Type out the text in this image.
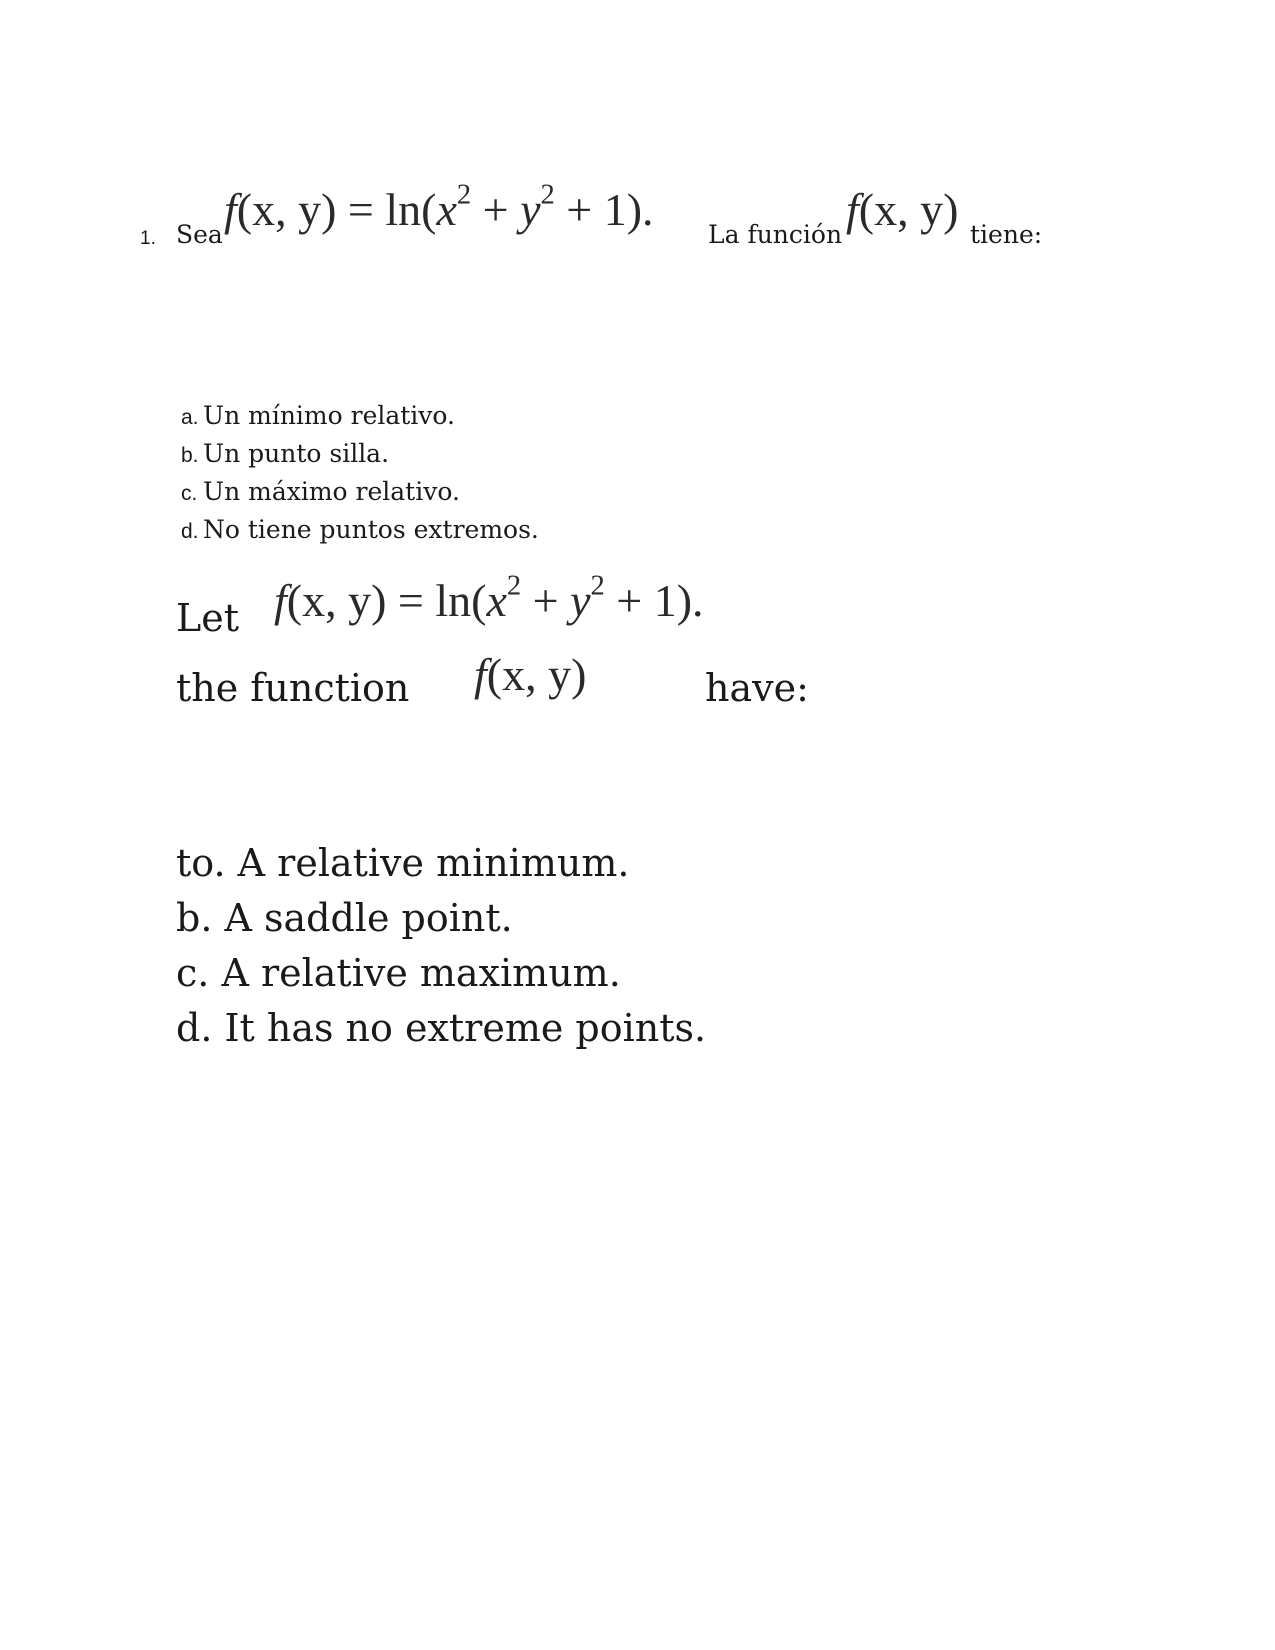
1. Sea f(x, $y) = \ln(x^2 + y^2 + 1)$. La función f(x, y) tiene:
a. Un mínimo relativo.
b. Un punto silla.
c. Un máximo relativo.
d. No tiene puntos extremos.
Let f(x, $y) = \ln(x^2 + y^2 + 1)$.
the function f(x, y)	have:
to. A relative minimum.
b. A saddle point.
c. A relative maximum.
d. It has no extreme points.
